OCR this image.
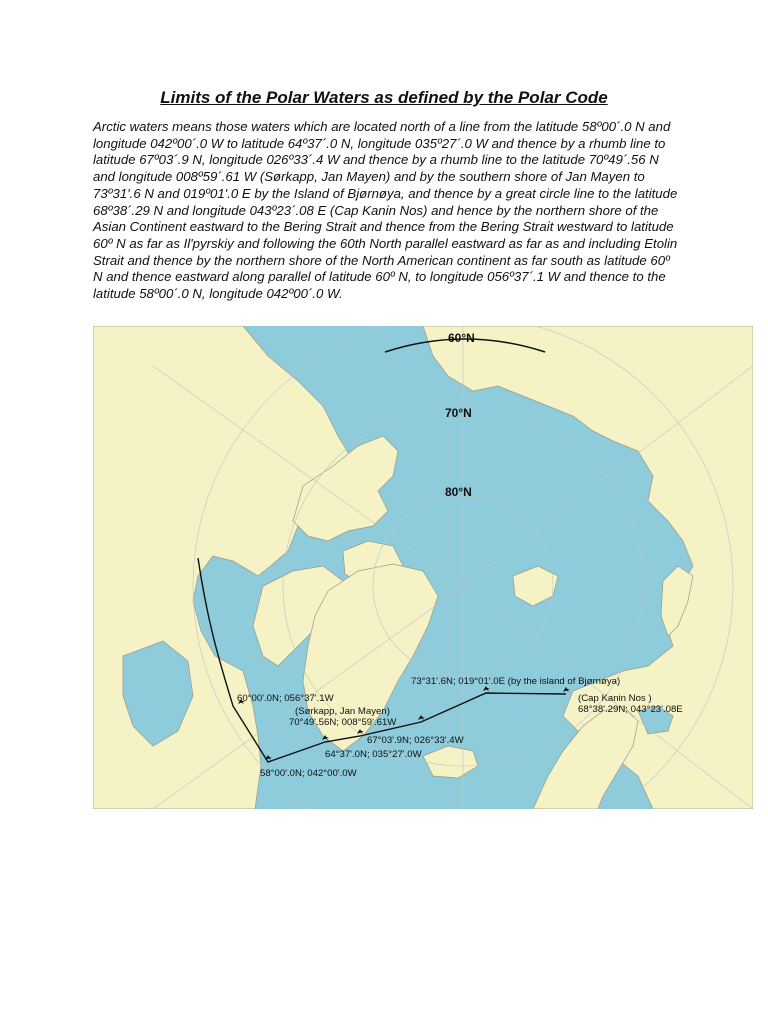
Limits of the Polar Waters as defined by the Polar Code
Arctic waters means those waters which are located north of a line from the latitude 58º00´.0 N and longitude 042º00´.0 W to latitude 64º37´.0 N, longitude 035º27´.0 W and thence by a rhumb line to latitude 67º03´.9 N, longitude 026º33´.4 W and thence by a rhumb line to the latitude 70º49´.56 N and longitude 008º59´.61 W (Sørkapp, Jan Mayen) and by the southern shore of Jan Mayen to 73º31'.6 N and 019º01'.0 E by the Island of Bjørnøya, and thence by a great circle line to the latitude 68º38´.29 N and longitude 043º23´.08 E (Cap Kanin Nos) and hence by the northern shore of the Asian Continent eastward to the Bering Strait and thence from the Bering Strait westward to latitude 60º N as far as Il'pyrskiy and following the 60th North parallel eastward as far as and including Etolin Strait and thence by the northern shore of the North American continent as far south as latitude 60º N and thence eastward along parallel of latitude 60º N, to longitude 056º37´.1 W and thence to the latitude 58º00´.0 N, longitude 042º00´.0 W.
60°N
70°N
80°N
60°00'.0N; 056°37'.1W
(Sørkapp, Jan Mayen)
70°49'.56N; 008°59'.61W
67°03'.9N; 026°33'.4W
64°37'.0N; 035°27'.0W
58°00'.0N; 042°00'.0W
73°31'.6N; 019°01'.0E (by the island of Bjørnøya)
(Cap Kanin Nos )
68°38'.29N; 043°23'.08E
